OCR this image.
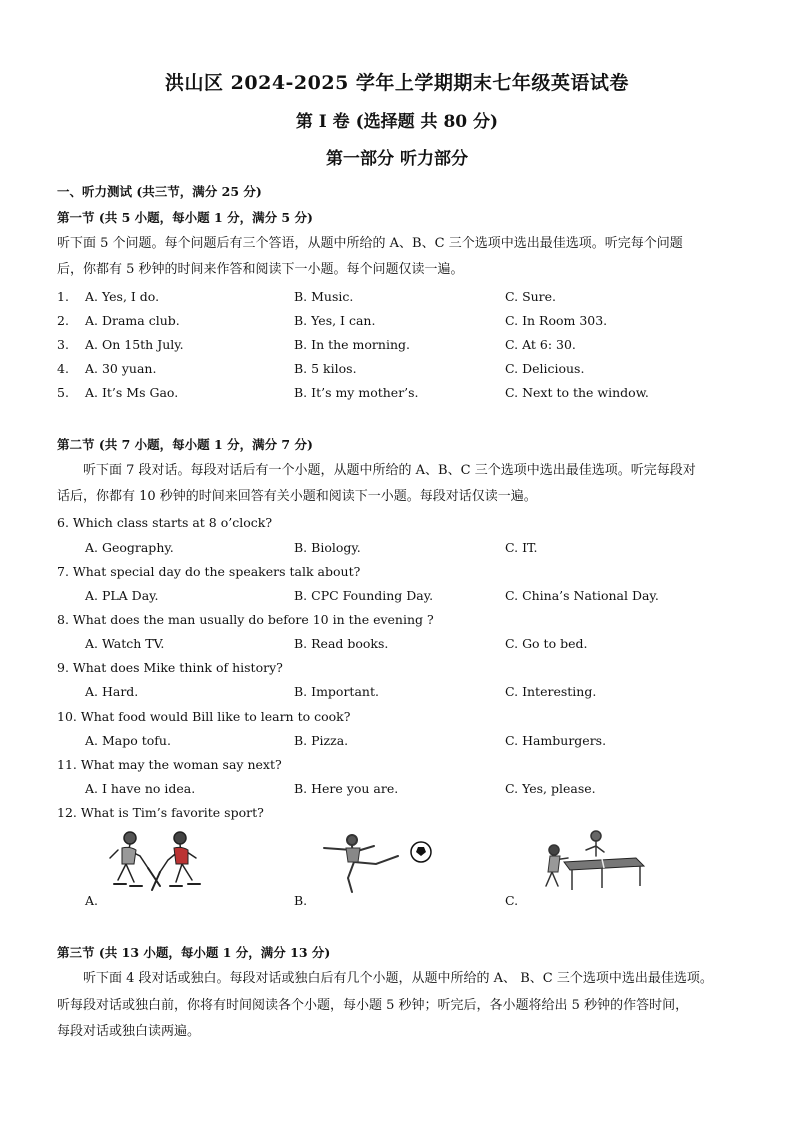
洪山区 2024-2025 学年上学期期末七年级英语试卷
第 I 卷 (选择题 共 80 分)
第一部分 听力部分
一、听力测试 (共三节，满分 25 分)
第一节 (共 5 小题，每小题 1 分，满分 5 分)
听下面 5 个问题。每个问题后有三个答语，从题中所给的 A、B、C 三个选项中选出最佳选项。听完每个问题
后，你都有 5 秒钟的时间来作答和阅读下一小题。每个问题仅读一遍。
1. A. Yes, I do.	B. Music.	C. Sure.
2. A. Drama club.	B. Yes, I can.	C. In Room 303.
3. A. On 15th July.	B. In the morning.	C. At 6: 30.
4. A. 30 yuan.	B. 5 kilos.	C. Delicious.
5. A. It’s Ms Gao.	B. It’s my mother’s.	C. Next to the window.
第二节 (共 7 小题，每小题 1 分，满分 7 分)
听下面 7 段对话。每段对话后有一个小题，从题中所给的 A、B、C 三个选项中选出最佳选项。听完每段对
话后，你都有 10 秒钟的时间来回答有关小题和阅读下一小题。每段对话仅读一遍。
6. Which class starts at 8 o’clock?
A. Geography.	B. Biology.	C. IT.
7. What special day do the speakers talk about?
A. PLA Day.	B. CPC Founding Day.	C. China’s National Day.
8. What does the man usually do before 10 in the evening ?
A. Watch TV.	B. Read books.	C. Go to bed.
9. What does Mike think of history?
A. Hard.	B. Important.	C. Interesting.
10. What food would Bill like to learn to cook?
A. Mapo tofu.	B. Pizza.	C. Hamburgers.
11. What may the woman say next?
A. I have no idea.	B. Here you are.	C. Yes, please.
12. What is Tim’s favorite sport?
A.	B.	C.
第三节 (共 13 小题，每小题 1 分，满分 13 分)
听下面 4 段对话或独白。每段对话或独白后有几个小题，从题中所给的 A、 B、C 三个选项中选出最佳选项。
听每段对话或独白前，你将有时间阅读各个小题，每小题 5 秒钟；听完后，各小题将给出 5 秒钟的作答时间，
每段对话或独白读两遍。
